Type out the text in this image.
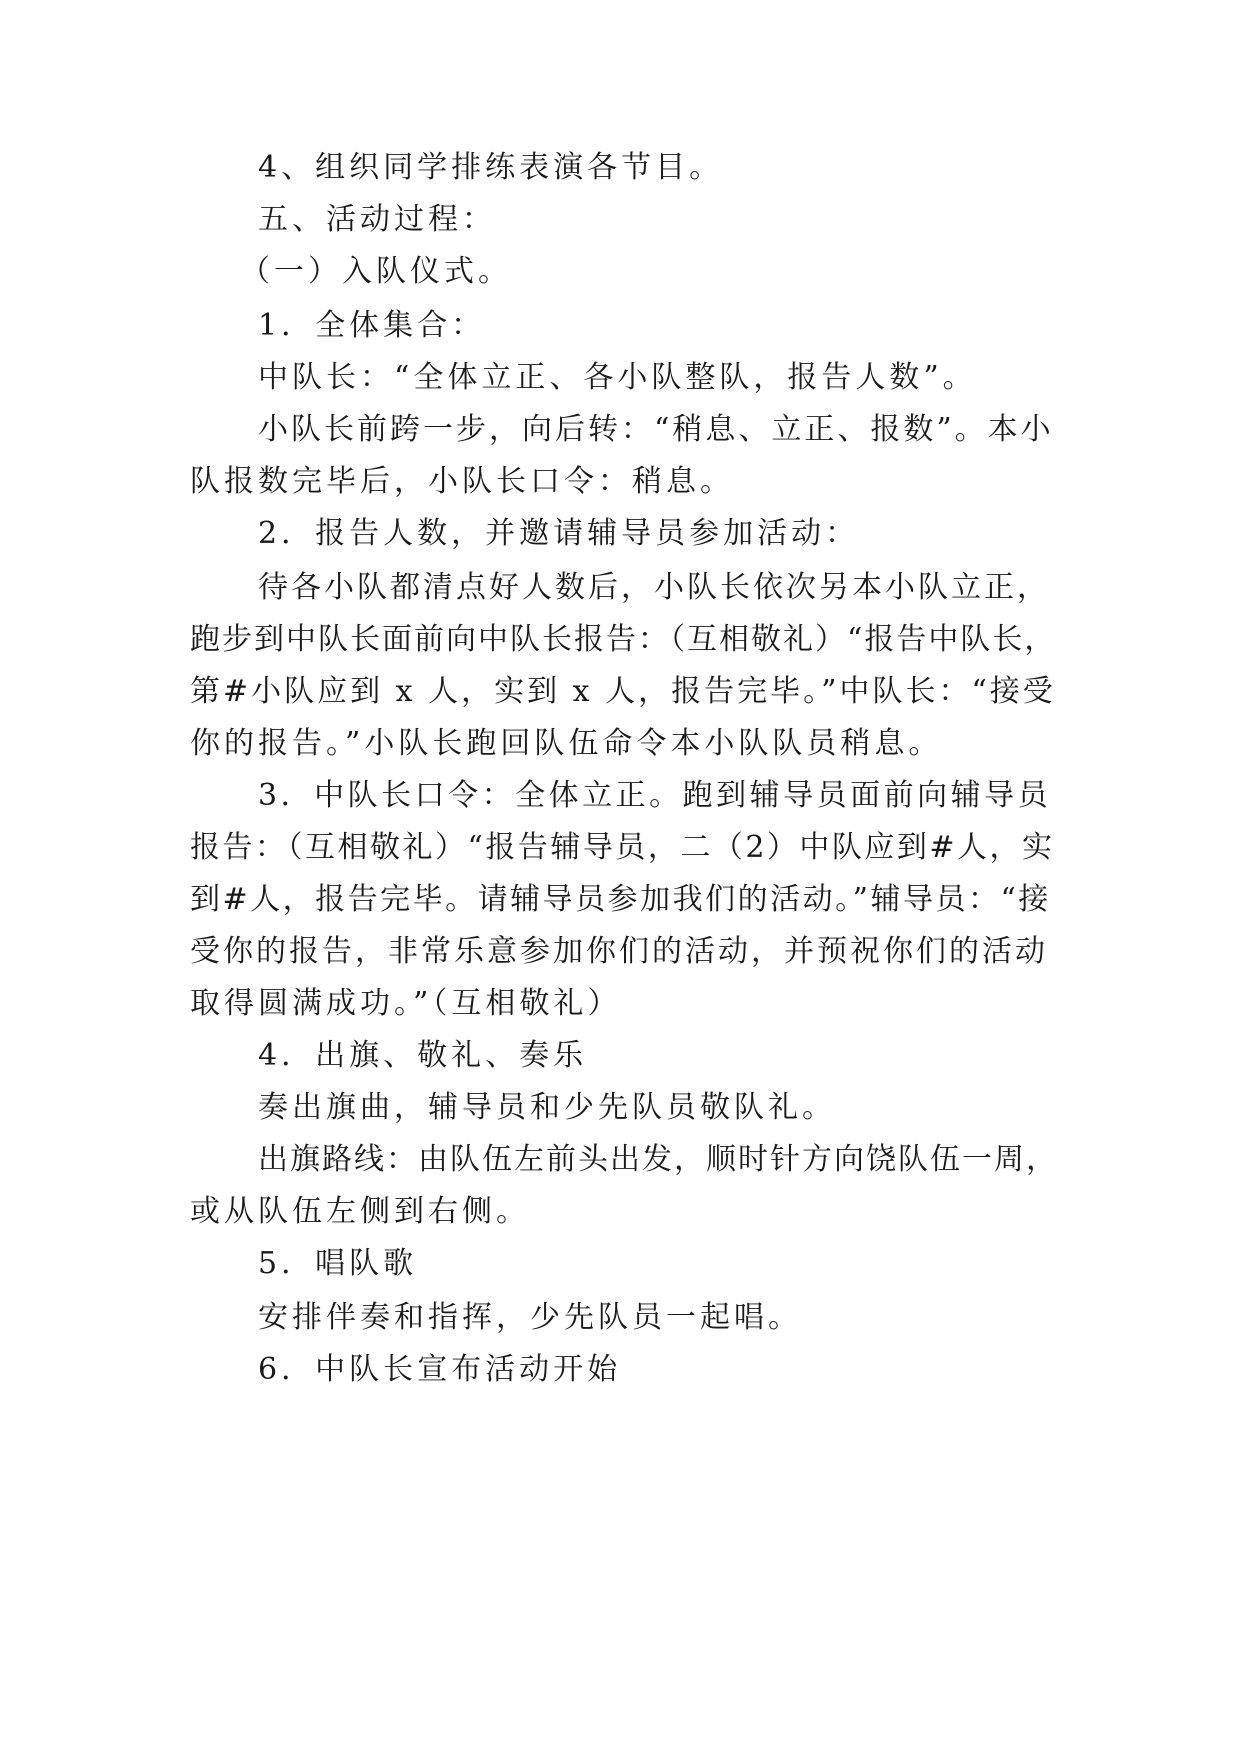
4、组织同学排练表演各节目。
五、活动过程：
（一）入队仪式。
1．全体集合：
中队长：“全体立正、各小队整队，报告人数”。
小队长前跨一步，向后转：“稍息、立正、报数”。本小
队报数完毕后，小队长口令：稍息。
2．报告人数，并邀请辅导员参加活动：
待各小队都清点好人数后，小队长依次另本小队立正，
跑步到中队长面前向中队长报告：（互相敬礼）“报告中队长，
第#小队应到 x 人，实到 x 人，报告完毕。”中队长：“接受
你的报告。”小队长跑回队伍命令本小队队员稍息。
3．中队长口令：全体立正。跑到辅导员面前向辅导员
报告：（互相敬礼）“报告辅导员，二（2）中队应到#人，实
到#人，报告完毕。请辅导员参加我们的活动。”辅导员：“接
受你的报告，非常乐意参加你们的活动，并预祝你们的活动
取得圆满成功。”（互相敬礼）
4．出旗、敬礼、奏乐
奏出旗曲，辅导员和少先队员敬队礼。
出旗路线：由队伍左前头出发，顺时针方向饶队伍一周，
或从队伍左侧到右侧。
5．唱队歌
安排伴奏和指挥，少先队员一起唱。
6．中队长宣布活动开始
